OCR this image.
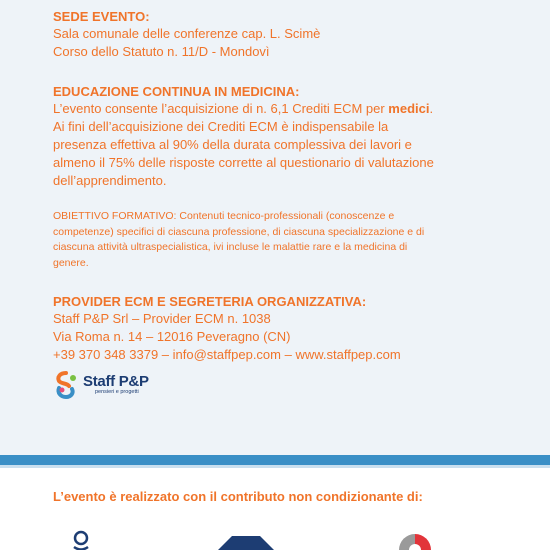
SEDE EVENTO:
Sala comunale delle conferenze cap. L. Scimè
Corso dello Statuto n. 11/D - Mondovì
EDUCAZIONE CONTINUA IN MEDICINA:
L’evento consente l’acquisizione di n. 6,1 Crediti ECM per medici.
Ai fini dell’acquisizione dei Crediti ECM è indispensabile la
presenza effettiva al 90% della durata complessiva dei lavori e
almeno il 75% delle risposte corrette al questionario di valutazione
dell’apprendimento.
OBIETTIVO FORMATIVO: Contenuti tecnico-professionali (conoscenze e
competenze) specifici di ciascuna professione, di ciascuna specializzazione e di
ciascuna attività ultraspecialistica, ivi incluse le malattie rare e la medicina di
genere.
PROVIDER ECM E SEGRETERIA ORGANIZZATIVA:
Staff P&P Srl – Provider ECM n. 1038
Via Roma n. 14 – 12016 Peveragno (CN)
+39 370 348 3379 – info@staffpep.com – www.staffpep.com
Staff P&P
pensieri e progetti
L’evento è realizzato con il contributo non condizionante di:
